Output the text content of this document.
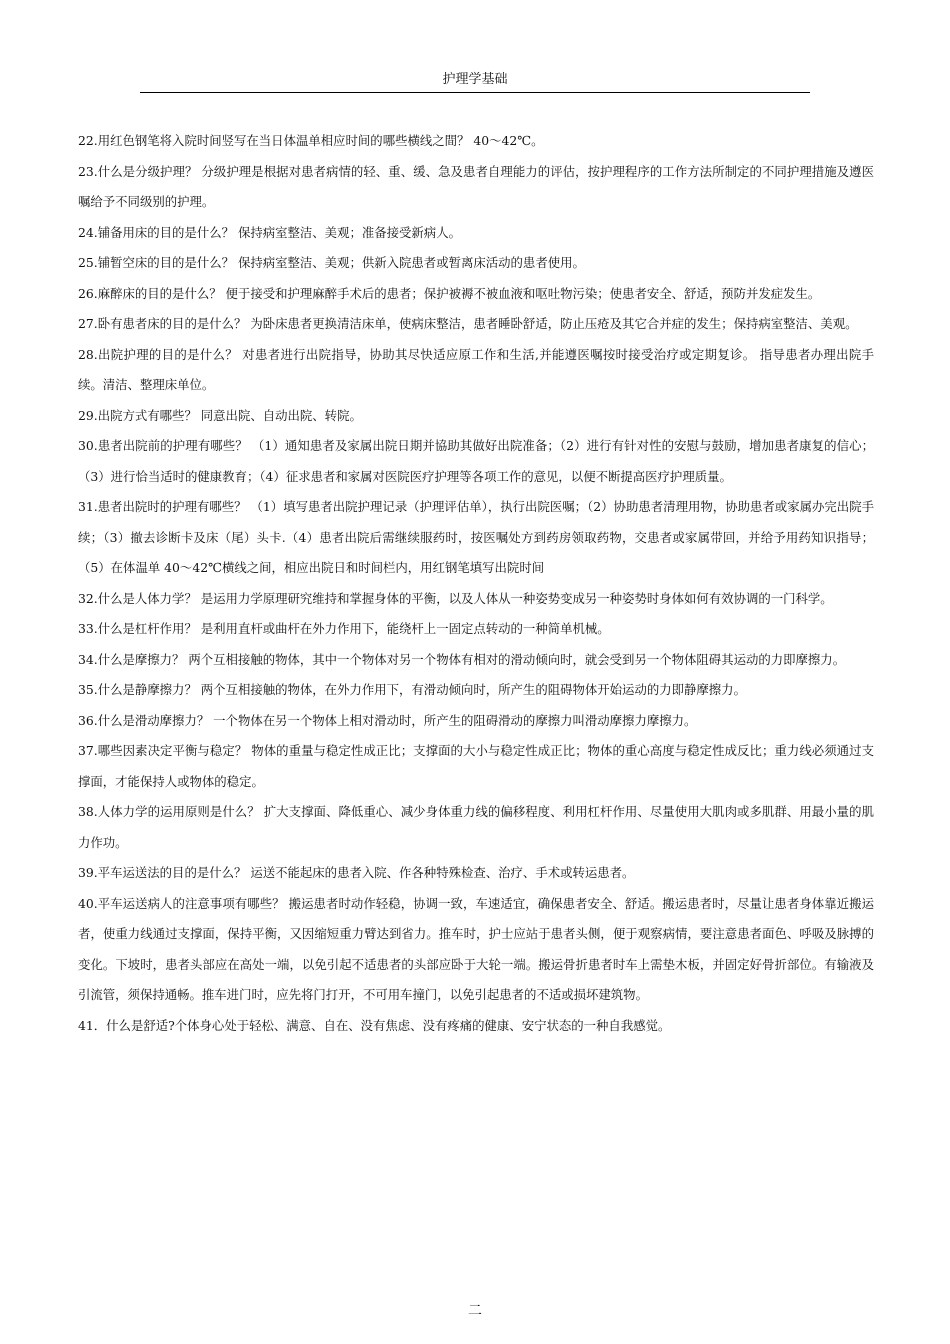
护理学基础

22.用红色钢笔将入院时间竖写在当日体温单相应时间的哪些横线之間？ 40～42℃。

23.什么是分级护理？ 分级护理是根据对患者病情的轻、重、缓、急及患者自理能力的评估，按护理程序的工作方法所制定的不同护理措施及遵医嘱给予不同级别的护理。

24.铺备用床的目的是什么？ 保持病室整洁、美观；准备接受新病人。

25.铺暂空床的目的是什么？ 保持病室整洁、美观；供新入院患者或暂离床活动的患者使用。

26.麻醉床的目的是什么？ 便于接受和护理麻醉手术后的患者；保护被褥不被血液和呕吐物污染；使患者安全、舒适，预防并发症发生。

27.卧有患者床的目的是什么？ 为卧床患者更换清洁床单，使病床整洁，患者睡卧舒适，防止压疮及其它合并症的发生；保持病室整洁、美观。

28.出院护理的目的是什么？ 对患者进行出院指导，协助其尽快适应原工作和生活,并能遵医嘱按时接受治疗或定期复诊。 指导患者办理出院手续。清洁、整理床单位。

29.出院方式有哪些？ 同意出院、自动出院、转院。

30.患者出院前的护理有哪些？ （1）通知患者及家属出院日期并協助其做好出院准备；（2）进行有针对性的安慰与鼓励，增加患者康复的信心；（3）进行恰当适时的健康教育；（4）征求患者和家属对医院医疗护理等各项工作的意见，以便不断提高医疗护理质量。

31.患者出院时的护理有哪些？ （1）填写患者出院护理记录（护理评估单），执行出院医嘱；（2）协助患者清理用物，协助患者或家属办完出院手续；（3）撤去诊断卡及床（尾）头卡.（4）患者出院后需继续服药时，按医嘱处方到药房领取药物，交患者或家属带回，并给予用药知识指导；（5）在体温单 40～42℃横线之间，相应出院日和时间栏内，用红钢笔填写出院时间

32.什么是人体力学？ 是运用力学原理研究维持和掌握身体的平衡，以及人体从一种姿势变成另一种姿势时身体如何有效协调的一门科学。

33.什么是杠杆作用？ 是利用直杆或曲杆在外力作用下，能绕杆上一固定点转动的一种简单机械。

34.什么是摩擦力？ 两个互相接触的物体，其中一个物体对另一个物体有相对的滑动倾向时，就会受到另一个物体阻碍其运动的力即摩擦力。

35.什么是静摩擦力？ 两个互相接触的物体，在外力作用下，有滑动倾向时，所产生的阻碍物体开始运动的力即静摩擦力。

36.什么是滑动摩擦力？ 一个物体在另一个物体上相对滑动时，所产生的阻碍滑动的摩擦力叫滑动摩擦力摩擦力。

37.哪些因素决定平衡与稳定？ 物体的重量与稳定性成正比；支撑面的大小与稳定性成正比；物体的重心高度与稳定性成反比；重力线必须通过支撑面，才能保持人或物体的稳定。

38.人体力学的运用原则是什么？ 扩大支撑面、降低重心、减少身体重力线的偏移程度、利用杠杆作用、尽量使用大肌肉或多肌群、用最小量的肌力作功。

39.平车运送法的目的是什么？ 运送不能起床的患者入院、作各种特殊检查、治疗、手术或转运患者。

40.平车运送病人的注意事项有哪些？ 搬运患者时动作轻稳，协调一致，车速适宜，确保患者安全、舒适。搬运患者时，尽量让患者身体靠近搬运者，使重力线通过支撑面，保持平衡，又因缩短重力臂达到省力。推车时，护士应站于患者头侧，便于观察病情，要注意患者面色、呼吸及脉搏的变化。下坡时，患者头部应在高处一端，以免引起不适患者的头部应卧于大轮一端。搬运骨折患者时车上需垫木板，并固定好骨折部位。有输液及引流管，须保持通畅。推车进门时，应先将门打开，不可用车撞门，以免引起患者的不适或损坏建筑物。

41．什么是舒适?个体身心处于轻松、满意、自在、没有焦虑、没有疼痛的健康、安宁状态的一种自我感觉。

二
